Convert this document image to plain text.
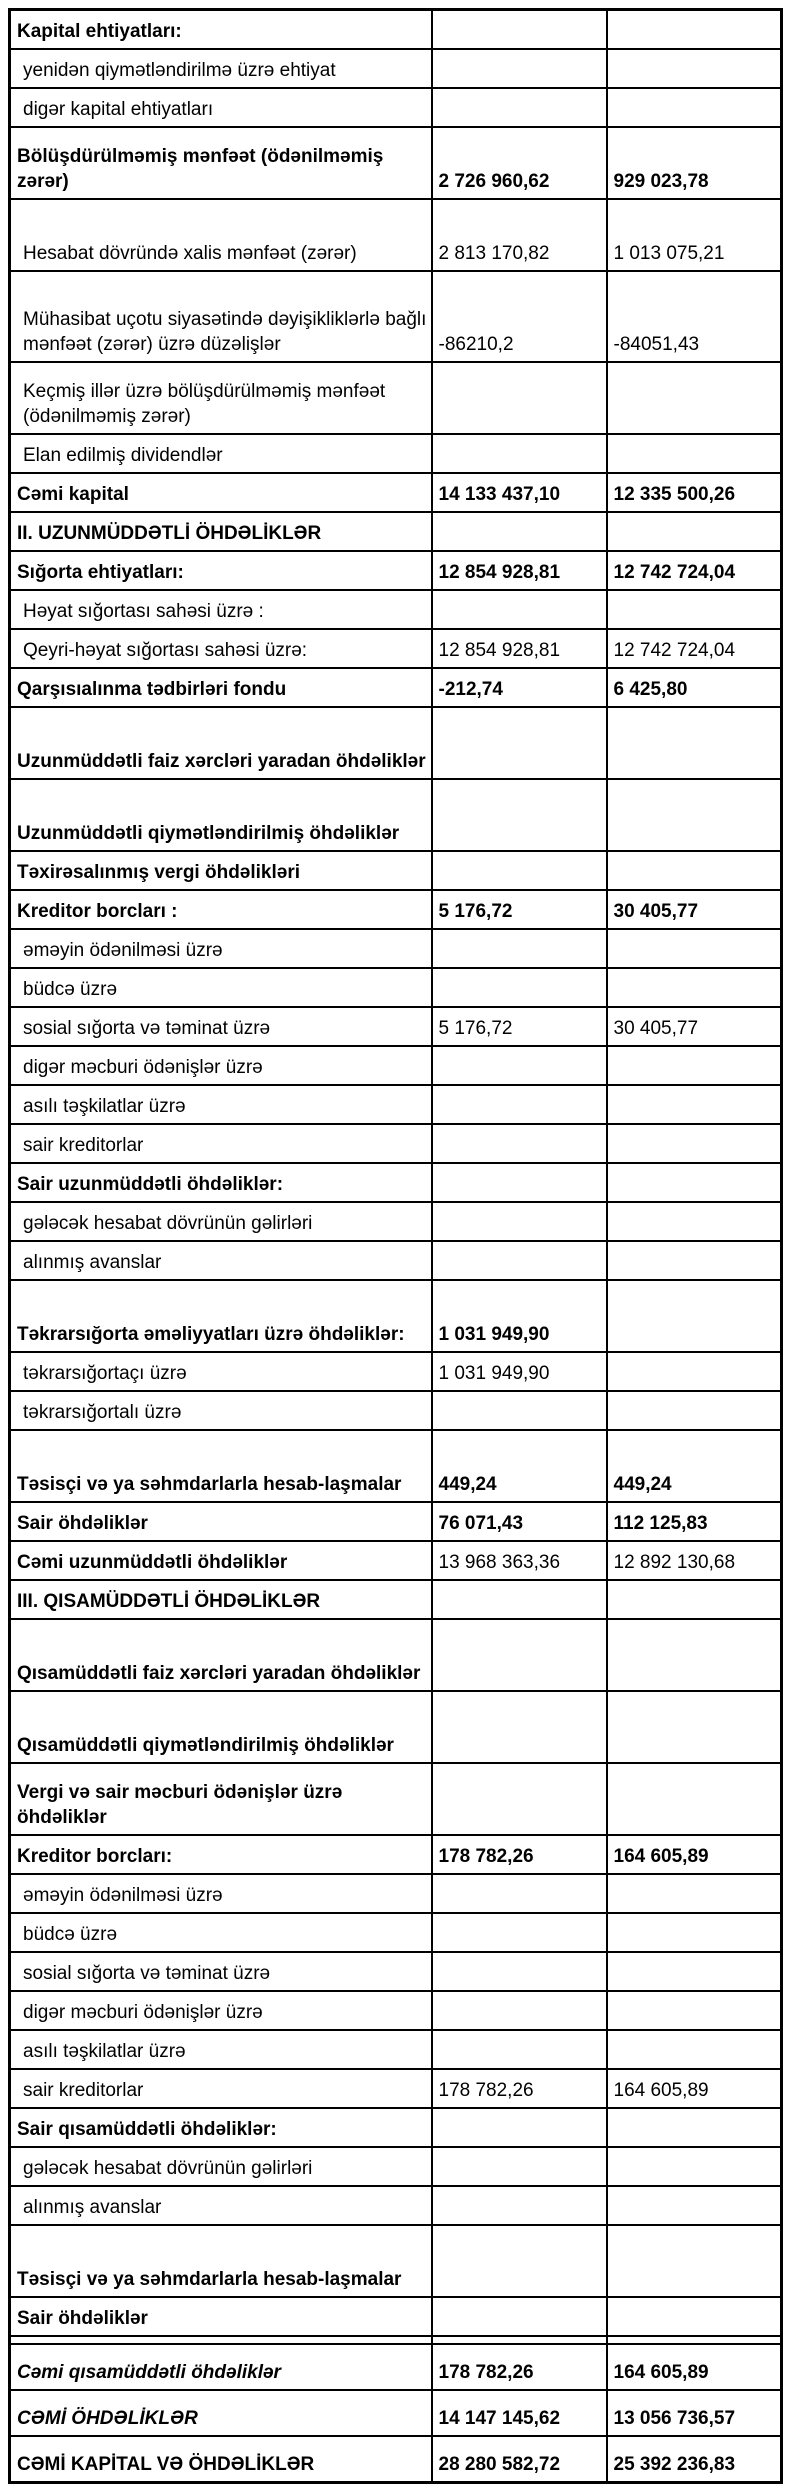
Kapital ehtiyatları:		
yenidən qiymətləndirilmə üzrə ehtiyat		
digər kapital ehtiyatları		
Bölüşdürülməmiş mənfəət (ödənilməmiş zərər)	2 726 960,62	929 023,78
Hesabat dövründə xalis mənfəət (zərər)	2 813 170,82	1 013 075,21
Mühasibat uçotu siyasətində dəyişikliklərlə bağlı mənfəət (zərər) üzrə düzəlişlər	-86210,2	-84051,43
Keçmiş illər üzrə bölüşdürülməmiş mənfəət (ödənilməmiş zərər)		
Elan edilmiş dividendlər		
Cəmi kapital	14 133 437,10	12 335 500,26
II. UZUNMÜDDƏTLİ ÖHDƏLİKLƏR		
Sığorta ehtiyatları:	12 854 928,81	12 742 724,04
Həyat sığortası sahəsi üzrə :		
Qeyri-həyat sığortası sahəsi üzrə:	12 854 928,81	12 742 724,04
Qarşısıalınma tədbirləri fondu	-212,74	6 425,80
Uzunmüddətli faiz xərcləri yaradan öhdəliklər		
Uzunmüddətli qiymətləndirilmiş öhdəliklər		
Təxirəsalınmış vergi öhdəlikləri		
Kreditor borcları :	5 176,72	30 405,77
əməyin ödənilməsi üzrə		
büdcə üzrə		
sosial sığorta və təminat üzrə	5 176,72	30 405,77
digər məcburi ödənişlər üzrə		
asılı təşkilatlar üzrə		
sair kreditorlar		
Sair uzunmüddətli öhdəliklər:		
gələcək hesabat dövrünün gəlirləri		
alınmış avanslar		
Təkrarsığorta əməliyyatları üzrə öhdəliklər:	1 031 949,90	
təkrarsığortaçı üzrə	1 031 949,90	
təkrarsığortalı üzrə		
Təsisçi və ya səhmdarlarla hesab-laşmalar	449,24	449,24
Sair öhdəliklər	76 071,43	112 125,83
Cəmi uzunmüddətli öhdəliklər	13 968 363,36	12 892 130,68
III. QISAMÜDDƏTLİ ÖHDƏLİKLƏR		
Qısamüddətli faiz xərcləri yaradan öhdəliklər		
Qısamüddətli qiymətləndirilmiş öhdəliklər		
Vergi və sair məcburi ödənişlər üzrə öhdəliklər		
Kreditor borcları:	178 782,26	164 605,89
əməyin ödənilməsi üzrə		
büdcə üzrə		
sosial sığorta və təminat üzrə		
digər məcburi ödənişlər üzrə		
asılı təşkilatlar üzrə		
sair kreditorlar	178 782,26	164 605,89
Sair qısamüddətli öhdəliklər:		
gələcək hesabat dövrünün gəlirləri		
alınmış avanslar		
Təsisçi və ya səhmdarlarla hesab-laşmalar		
Sair öhdəliklər		

Cəmi qısamüddətli öhdəliklər	178 782,26	164 605,89
CƏMİ ÖHDƏLİKLƏR	14 147 145,62	13 056 736,57
CƏMİ KAPİTAL VƏ ÖHDƏLİKLƏR	28 280 582,72	25 392 236,83
